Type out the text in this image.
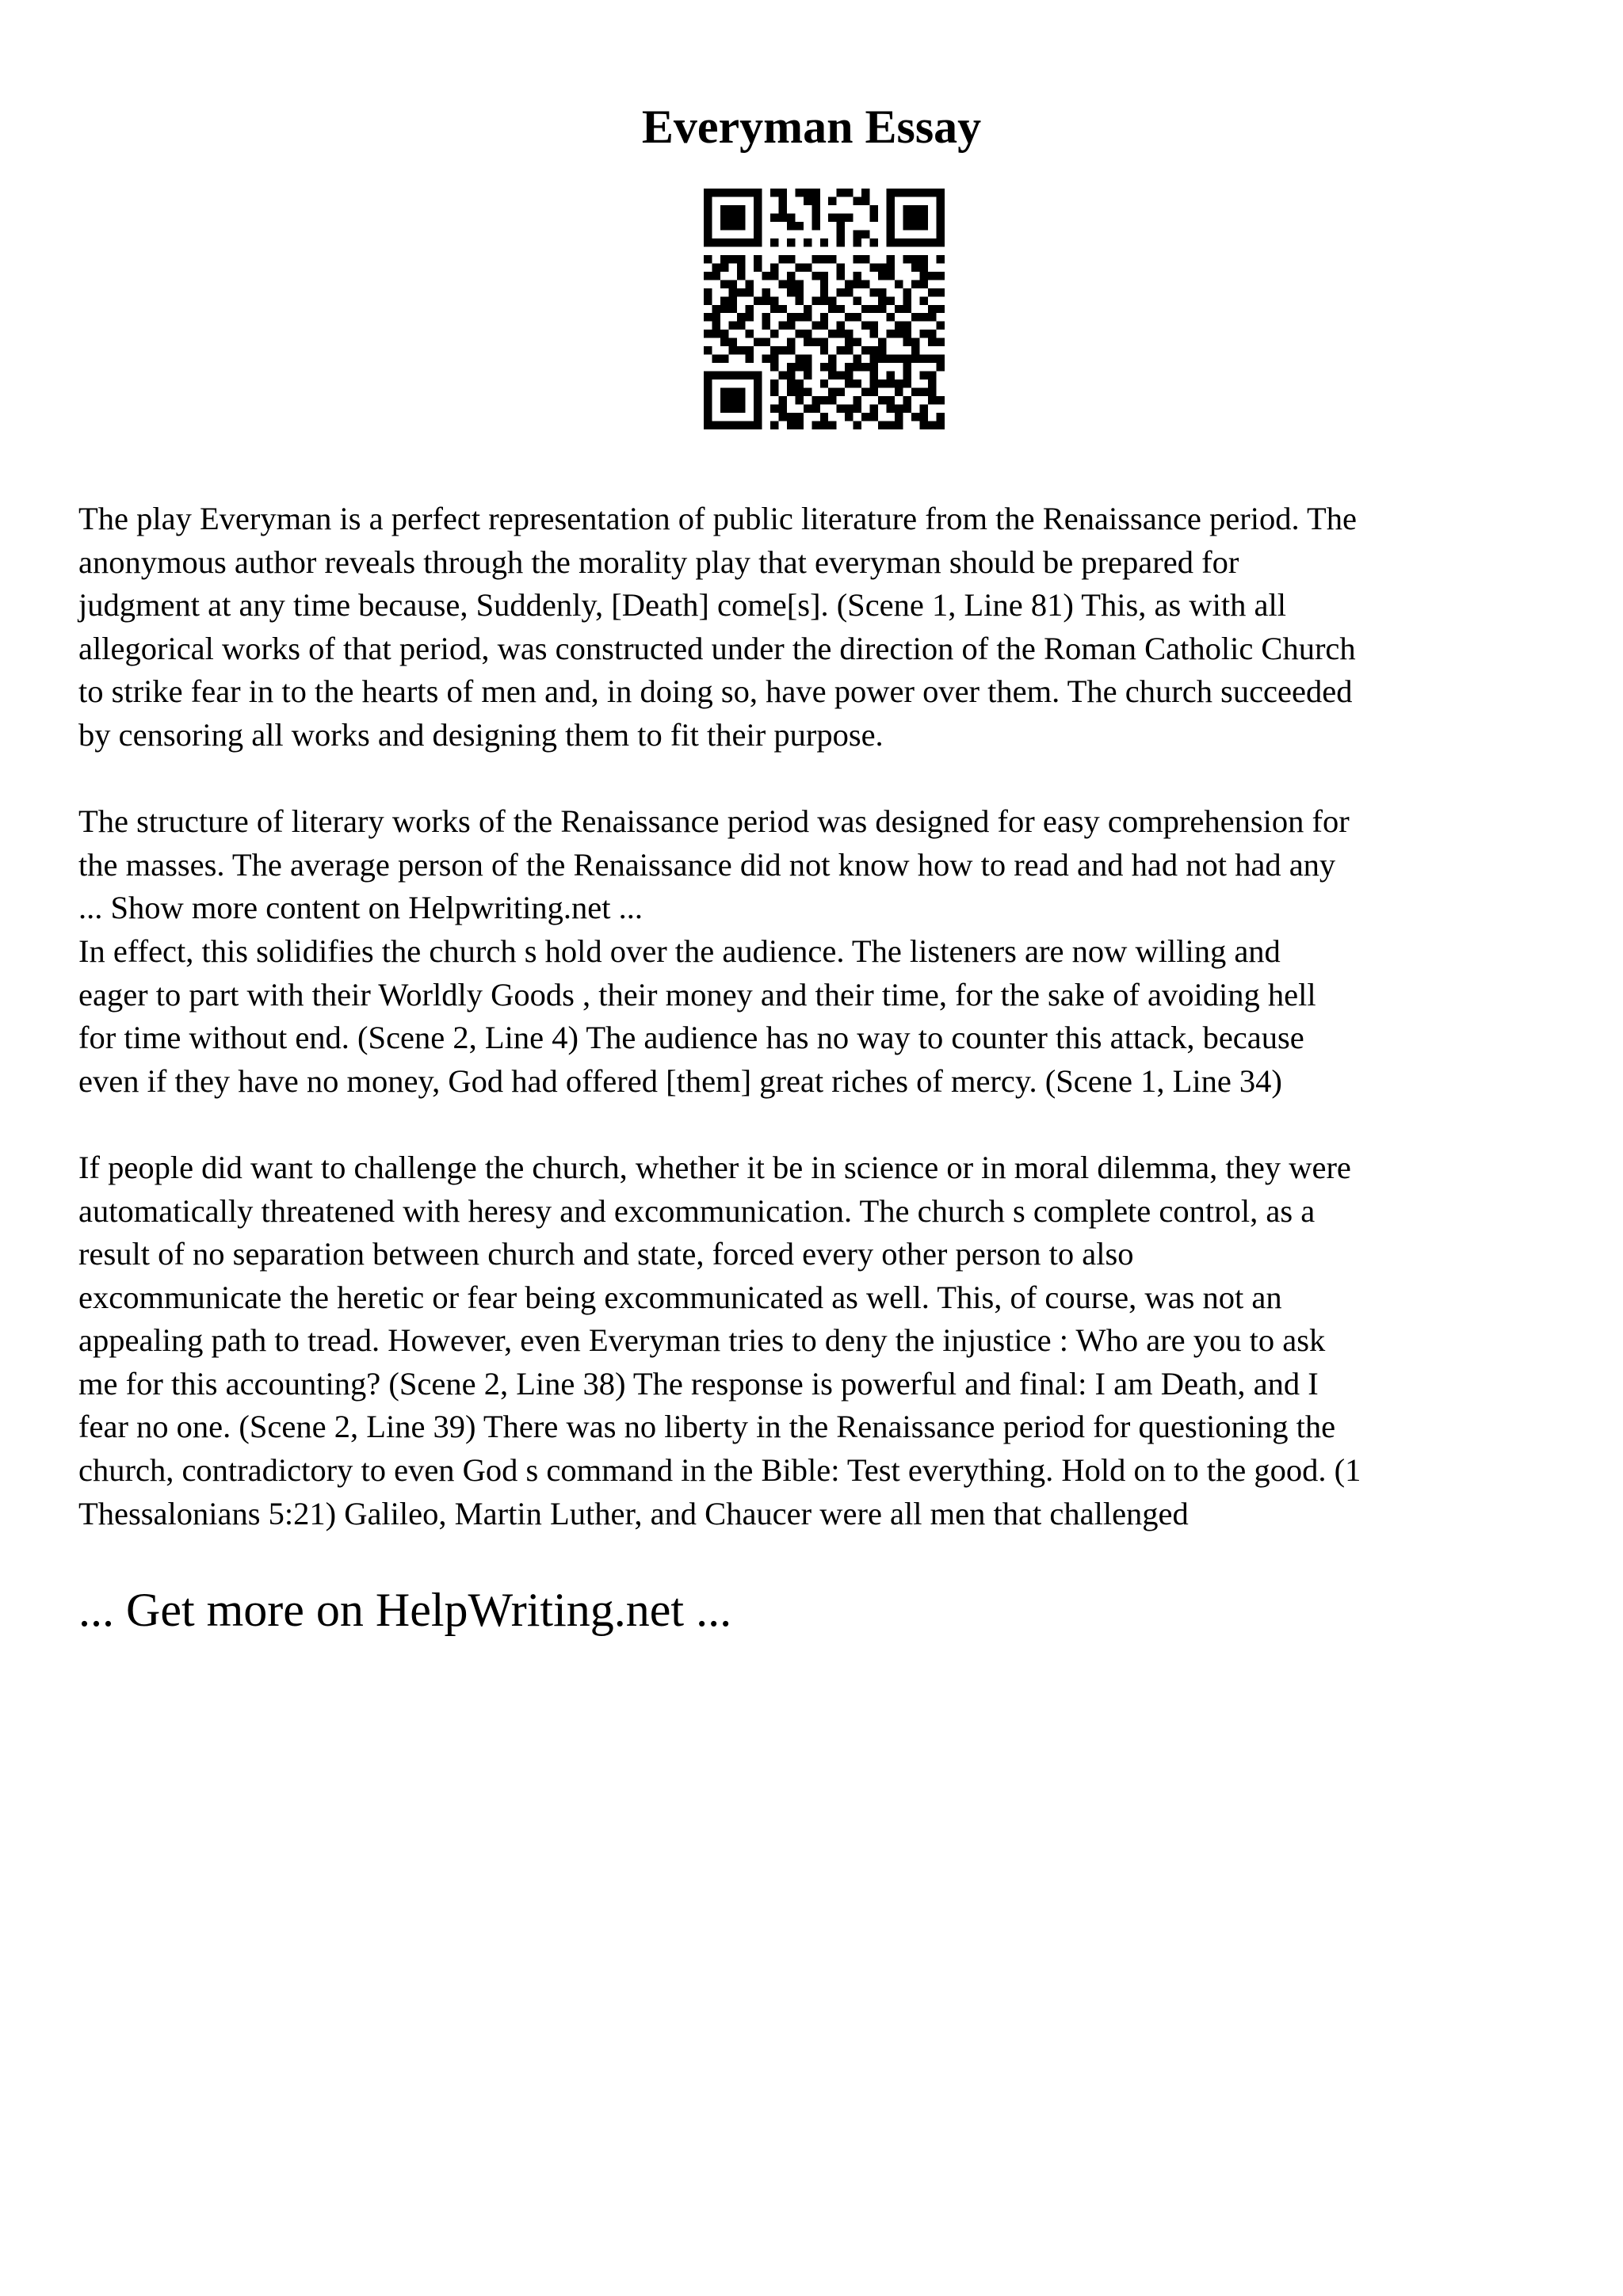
Everyman Essay

The play Everyman is a perfect representation of public literature from the Renaissance period. The
anonymous author reveals through the morality play that everyman should be prepared for
judgment at any time because, Suddenly, [Death] come[s]. (Scene 1, Line 81) This, as with all
allegorical works of that period, was constructed under the direction of the Roman Catholic Church
to strike fear in to the hearts of men and, in doing so, have power over them. The church succeeded
by censoring all works and designing them to fit their purpose.

The structure of literary works of the Renaissance period was designed for easy comprehension for
the masses. The average person of the Renaissance did not know how to read and had not had any
... Show more content on Helpwriting.net ...

In effect, this solidifies the church s hold over the audience. The listeners are now willing and
eager to part with their Worldly Goods , their money and their time, for the sake of avoiding hell
for time without end. (Scene 2, Line 4) The audience has no way to counter this attack, because
even if they have no money, God had offered [them] great riches of mercy. (Scene 1, Line 34)

If people did want to challenge the church, whether it be in science or in moral dilemma, they were
automatically threatened with heresy and excommunication. The church s complete control, as a
result of no separation between church and state, forced every other person to also
excommunicate the heretic or fear being excommunicated as well. This, of course, was not an
appealing path to tread. However, even Everyman tries to deny the injustice : Who are you to ask
me for this accounting? (Scene 2, Line 38) The response is powerful and final: I am Death, and I
fear no one. (Scene 2, Line 39) There was no liberty in the Renaissance period for questioning the
church, contradictory to even God s command in the Bible: Test everything. Hold on to the good. (1
Thessalonians 5:21) Galileo, Martin Luther, and Chaucer were all men that challenged

... Get more on HelpWriting.net ...
